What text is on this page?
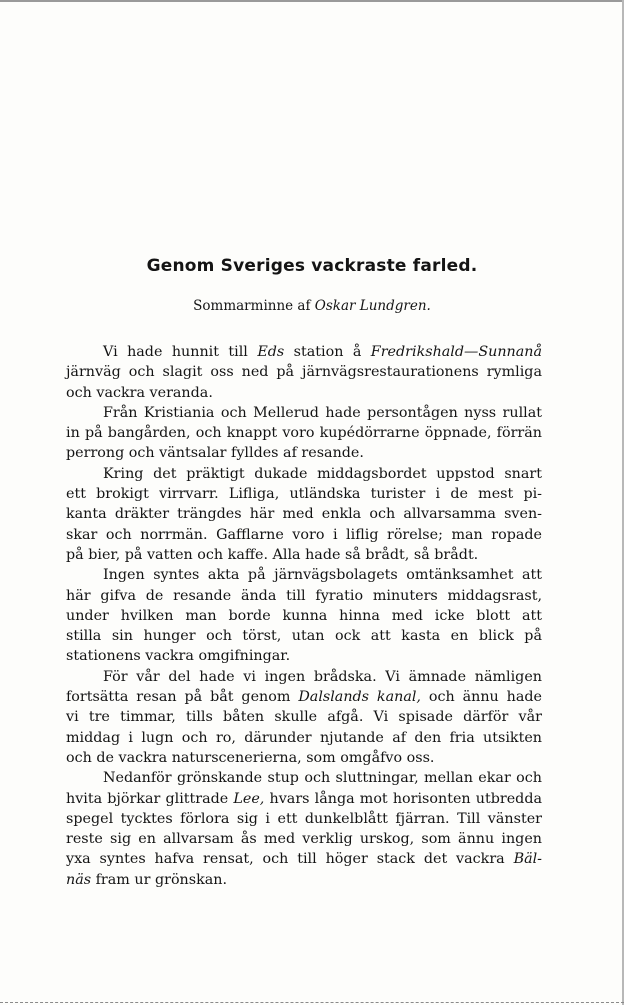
Genom Sveriges vackraste farled.
Sommarminne af Oskar Lundgren.
Vi hade hunnit till Eds station å Fredrikshald—Sunnanå
järnväg och slagit oss ned på järnvägsrestaurationens rymliga
och vackra veranda.
Från Kristiania och Mellerud hade persontågen nyss rullat
in på bangården, och knappt voro kupédörrarne öppnade, förrän
perrong och väntsalar fylldes af resande.
Kring det präktigt dukade middagsbordet uppstod snart
ett brokigt virrvarr. Lifliga, utländska turister i de mest pi-
kanta dräkter trängdes här med enkla och allvarsamma sven-
skar och norrmän. Gafflarne voro i liflig rörelse; man ropade
på bier, på vatten och kaffe. Alla hade så brådt, så brådt.
Ingen syntes akta på järnvägsbolagets omtänksamhet att
här gifva de resande ända till fyratio minuters middagsrast,
under hvilken man borde kunna hinna med icke blott att
stilla sin hunger och törst, utan ock att kasta en blick på
stationens vackra omgifningar.
För vår del hade vi ingen brådska. Vi ämnade nämligen
fortsätta resan på båt genom Dalslands kanal, och ännu hade
vi tre timmar, tills båten skulle afgå. Vi spisade därför vår
middag i lugn och ro, därunder njutande af den fria utsikten
och de vackra naturscenerierna, som omgåfvo oss.
Nedanför grönskande stup och sluttningar, mellan ekar och
hvita björkar glittrade Lee, hvars långa mot horisonten utbredda
spegel tycktes förlora sig i ett dunkelblått fjärran. Till vänster
reste sig en allvarsam ås med verklig urskog, som ännu ingen
yxa syntes hafva rensat, och till höger stack det vackra Bäl-
näs fram ur grönskan.
